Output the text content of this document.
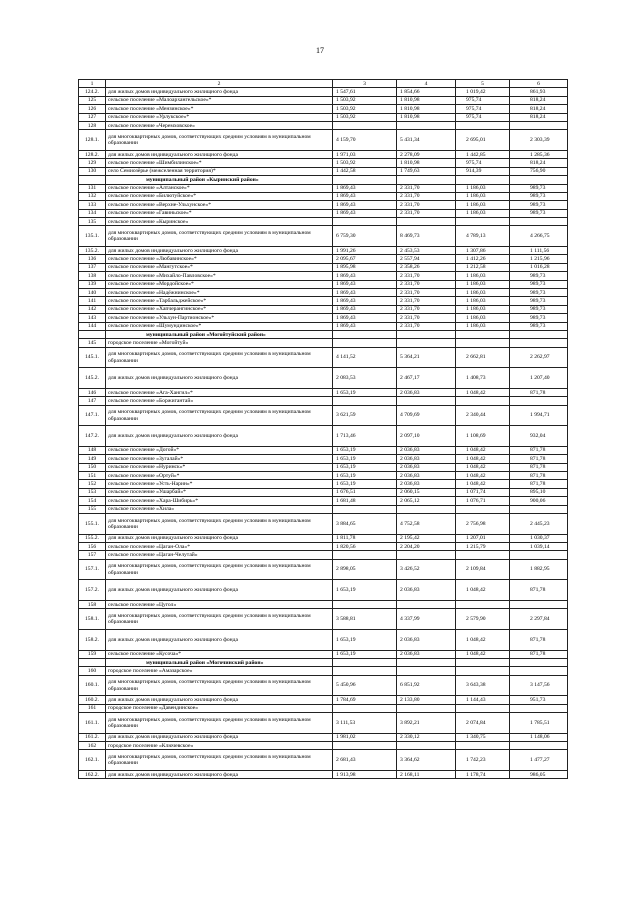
17
1	2	3	4	5	6
124.2.	для жилых домов индивидуального жилищного фонда	1 547,61	1 854,66	1 019,42	861,93
125	сельское поселение «Малоархангельское»*	1 503,92	1 810,98	975,74	818,24
126	сельское поселение «Мензинское»*	1 503,92	1 810,98	975,74	818,24
127	сельское поселение «Урлукское»*	1 503,92	1 810,98	975,74	818,24
128	сельское поселение «Черемховское»				
128.1.	для многоквартирных домов, соответствующих средним условиям в муниципальном образовании	4 159,70	5 431,34	2 695,01	2 303,39
128.2.	для жилых домов индивидуального жилищного фонда	1 971,03	2 278,09	1 442,85	1 285,36
129	сельское поселение «Шимбилинское»*	1 503,92	1 810,98	975,74	818,24
130	село Семиозёрье (межселенная территория)*	1 442,58	1 749,63	914,39	756,90
	муниципальный район «Кыринский район»				
131	сельское поселение «Алтанское»*	1 869,43	2 331,70	1 186,03	989,73
132	сельское поселение «Билютуйское»*	1 869,43	2 331,70	1 186,03	989,73
133	сельское поселение «Верхне-Ульхунское»*	1 869,43	2 331,70	1 186,03	989,73
134	сельское поселение «Гавиньское»*	1 869,43	2 331,70	1 186,03	989,73
135	сельское поселение «Кыринское»				
135.1.	для многоквартирных домов, соответствующих средним условиям в муниципальном образовании	6 759,30	8 469,73	4 789,13	4 266,75
135.2.	для жилых домов индивидуального жилищного фонда	1 991,26	2 453,53	1 307,86	1 111,56
136	сельское поселение «Любавинское»*	2 095,67	2 557,94	1 412,26	1 215,96
137	сельское поселение «Мангутское»*	1 895,98	2 358,26	1 212,58	1 016,28
138	сельское поселение «Михайло-Павловское»*	1 869,43	2 331,70	1 186,03	989,73
139	сельское поселение «Мордойское»*	1 869,43	2 331,70	1 186,03	989,73
140	сельское поселение «Надёжнинское»*	1 869,43	2 331,70	1 186,03	989,73
141	сельское поселение «Тарбальджейское»*	1 869,43	2 331,70	1 186,03	989,73
142	сельское поселение «Хапчерангинское»*	1 869,43	2 331,70	1 186,03	989,73
143	сельское поселение «Ульхун-Партионское»*	1 869,43	2 331,70	1 186,03	989,73
144	сельское поселение «Шумундинское»*	1 869,43	2 331,70	1 186,03	989,73
	муниципальный район «Могойтуйский район»				
145	городское поселение «Могойтуй»				
145.1.	для многоквартирных домов, соответствующих средним условиям в муниципальном образовании	4 141,52	5 364,21	2 662,81	2 262,97
145.2.	для жилых домов индивидуального жилищного фонда	2 083,53	2 467,17	1 408,73	1 207,40
146	сельское поселение «Ага-Хангил»*	1 653,19	2 036,83	1 048,42	871,78
147	сельское поселение «Боржигантай»				
147.1.	для многоквартирных домов, соответствующих средним условиям в муниципальном образовании	3 621,59	4 709,69	2 340,44	1 994,71
147.2.	для жилых домов индивидуального жилищного фонда	1 713,46	2 097,10	1 108,69	932,04
148	сельское поселение «Догой»*	1 653,19	2 036,83	1 048,42	871,78
149	сельское поселение «Зугалай»*	1 653,19	2 036,83	1 048,42	871,78
150	сельское поселение «Нуринск»*	1 653,19	2 036,83	1 048,42	871,78
151	сельское поселение «Ортуй»*	1 653,19	2 036,83	1 048,42	871,78
152	сельское поселение «Усть-Нарин»*	1 653,19	2 036,83	1 048,42	871,78
153	сельское поселение «Ушарбай»*	1 676,51	2 060,15	1 071,74	895,10
154	сельское поселение «Хара-Шибирь»*	1 681,48	2 065,12	1 076,71	900,06
155	сельское поселение «Хила»				
155.1.	для многоквартирных домов, соответствующих средним условиям в муниципальном образовании	3 884,65	4 752,58	2 756,98	2 445,23
155.2.	для жилых домов индивидуального жилищного фонда	1 811,78	2 195,42	1 207,01	1 030,37
156	сельское поселение «Цаган-Ола»*	1 820,56	2 204,20	1 215,79	1 039,14
157	сельское поселение «Цаган-Челутай»				
157.1.	для многоквартирных домов, соответствующих средним условиям в муниципальном образовании	2 898,05	3 426,52	2 109,84	1 882,95
157.2.	для жилых домов индивидуального жилищного фонда	1 653,19	2 036,83	1 048,42	871,78
158	сельское поселение «Цугол»				
158.1.	для многоквартирных домов, соответствующих средним условиям в муниципальном образовании	3 588,81	4 337,99	2 579,90	2 297,84
158.2.	для жилых домов индивидуального жилищного фонда	1 653,19	2 036,83	1 048,42	871,78
159	сельское поселение «Кусоча»*	1 653,19	2 036,83	1 048,42	871,78
	муниципальный район «Могочинский район»				
160	городское поселение «Амазарское»				
160.1.	для многоквартирных домов, соответствующих средним условиям в муниципальном образовании	5 450,96	6 851,92	3 643,38	3 147,56
160.2.	для жилых домов индивидуального жилищного фонда	1 784,69	2 133,80	1 144,43	951,73
161	городское поселение «Давендинское»				
161.1.	для многоквартирных домов, соответствующих средним условиям в муниципальном образовании	3 111,53	3 892,21	2 074,84	1 785,51
161.2.	для жилых домов индивидуального жилищного фонда	1 981,02	2 330,12	1 340,75	1 148,06
162	городское поселение «Ключевское»				
162.1.	для многоквартирных домов, соответствующих средним условиям в муниципальном образовании	2 681,43	3 364,62	1 742,23	1 477,27
162.2.	для жилых домов индивидуального жилищного фонда	1 913,98	2 168,11	1 178,74	986,05
